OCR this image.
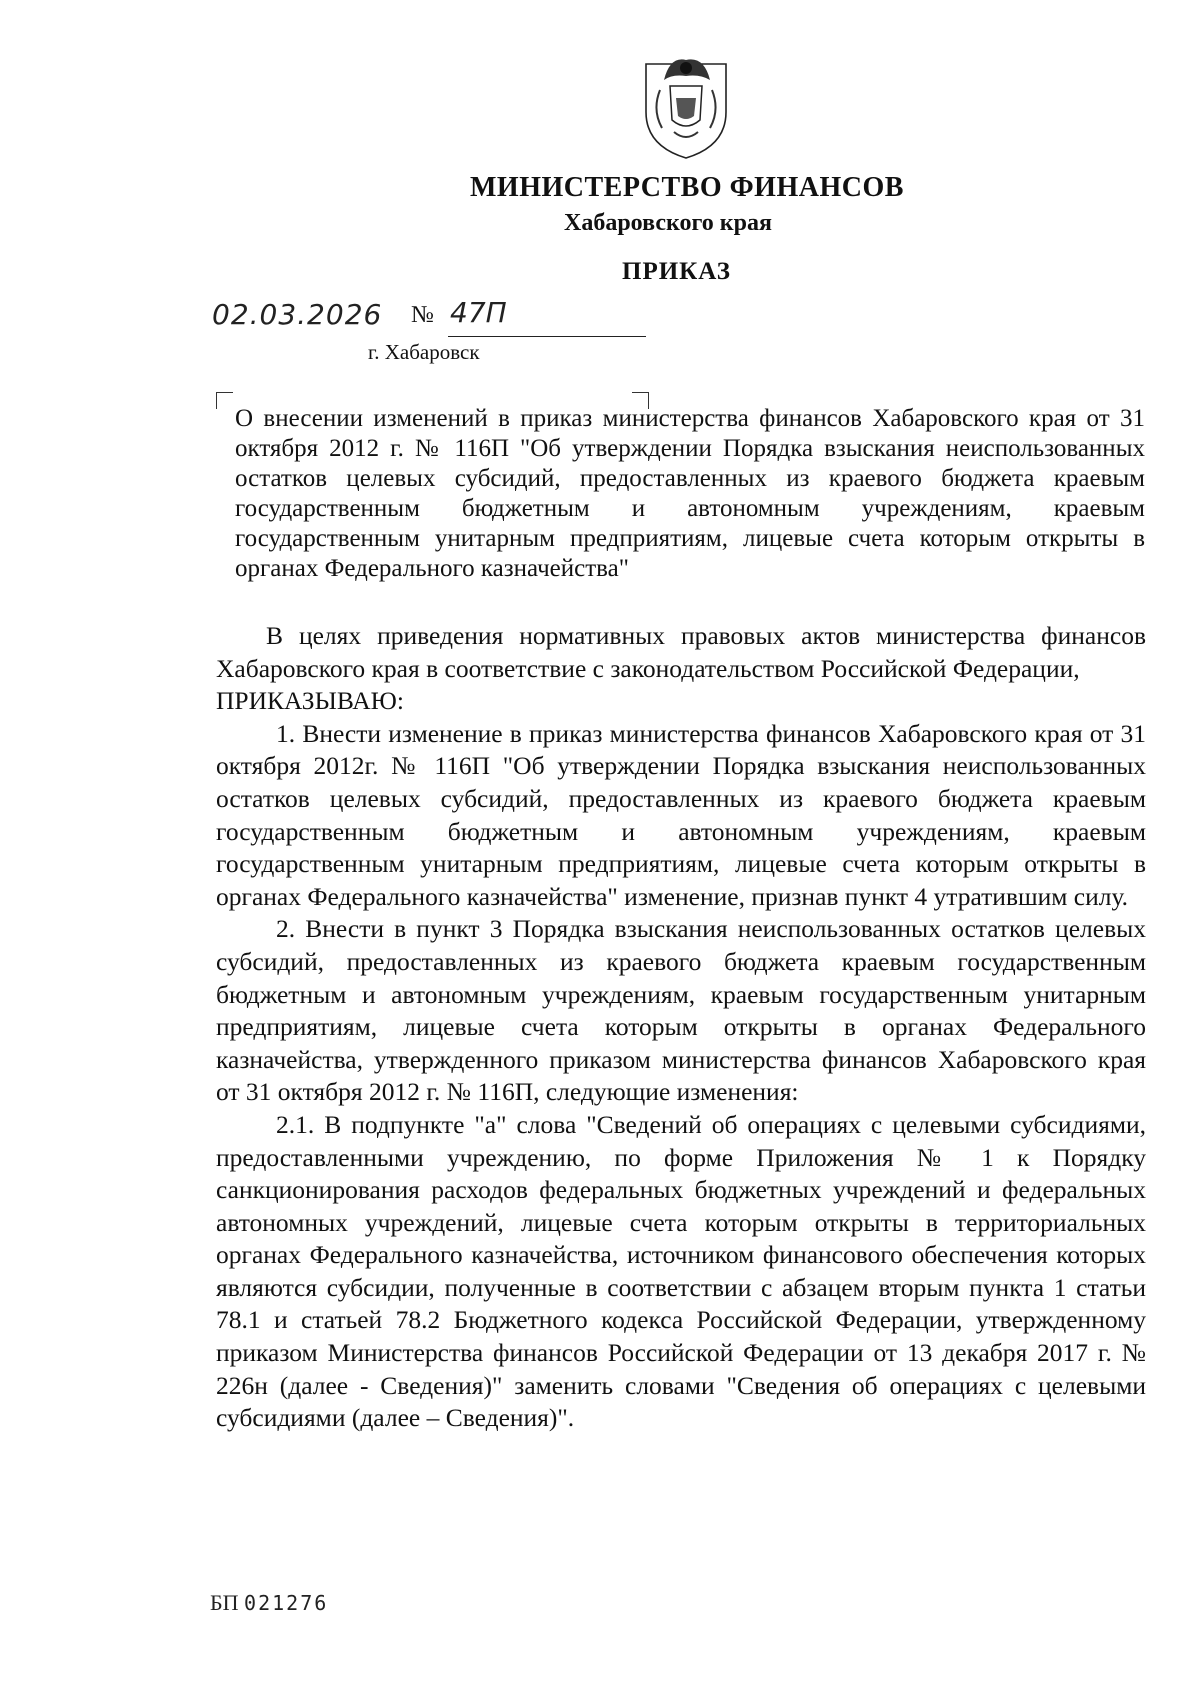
МИНИСТЕРСТВО ФИНАНСОВ
Хабаровского края
ПРИКАЗ
02.03.2026 № 47П
г. Хабаровск
О внесении изменений в приказ министерства финансов Хабаровского края от 31 октября 2012 г. № 116П "Об утверждении Порядка взыскания неиспользованных остатков целевых субсидий, предоставленных из краевого бюджета краевым государственным бюджетным и автономным учреждениям, краевым государственным унитарным предприятиям, лицевые счета которым открыты в органах Федерального казначейства"

В целях приведения нормативных правовых актов министерства финансов Хабаровского края в соответствие с законодательством Российской Федерации,

ПРИКАЗЫВАЮ:

1. Внести изменение в приказ министерства финансов Хабаровского края от 31 октября 2012г. № 116П "Об утверждении Порядка взыскания неиспользованных остатков целевых субсидий, предоставленных из краевого бюджета краевым государственным бюджетным и автономным учреждениям, краевым государственным унитарным предприятиям, лицевые счета которым открыты в органах Федерального казначейства" изменение, признав пункт 4 утратившим силу.

2. Внести в пункт 3 Порядка взыскания неиспользованных остатков целевых субсидий, предоставленных из краевого бюджета краевым государственным бюджетным и автономным учреждениям, краевым государственным унитарным предприятиям, лицевые счета которым открыты в органах Федерального казначейства, утвержденного приказом министерства финансов Хабаровского края от 31 октября 2012 г. № 116П, следующие изменения:

2.1. В подпункте "а" слова "Сведений об операциях с целевыми субсидиями, предоставленными учреждению, по форме Приложения № 1 к Порядку санкционирования расходов федеральных бюджетных учреждений и федеральных автономных учреждений, лицевые счета которым открыты в территориальных органах Федерального казначейства, источником финансового обеспечения которых являются субсидии, полученные в соответствии с абзацем вторым пункта 1 статьи 78.1 и статьей 78.2 Бюджетного кодекса Российской Федерации, утвержденному приказом Министерства финансов Российской Федерации от 13 декабря 2017 г. № 226н (далее - Сведения)" заменить словами "Сведения об операциях с целевыми субсидиями (далее – Сведения)".

БП 021276
